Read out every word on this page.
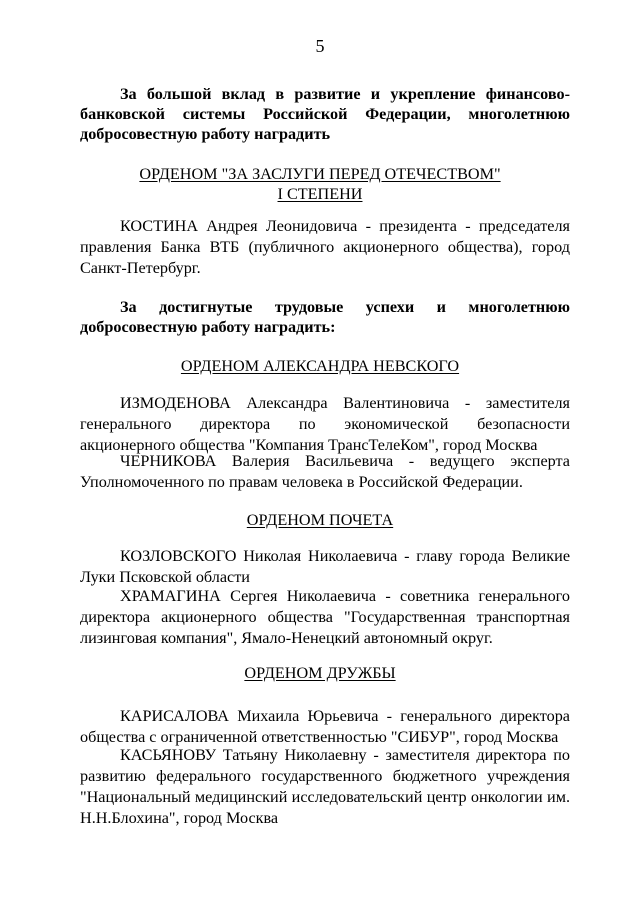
5
За большой вклад в развитие и укрепление финансово-банковской системы Российской Федерации, многолетнюю добросовестную работу наградить
ОРДЕНОМ "ЗА ЗАСЛУГИ ПЕРЕД ОТЕЧЕСТВОМ"
I СТЕПЕНИ
КОСТИНА Андрея Леонидовича - президента - председателя правления Банка ВТБ (публичного акционерного общества), город Санкт-Петербург.
За достигнутые трудовые успехи и многолетнюю добросовестную работу наградить:
ОРДЕНОМ АЛЕКСАНДРА НЕВСКОГО
ИЗМОДЕНОВА Александра Валентиновича - заместителя генерального директора по экономической безопасности акционерного общества "Компания ТрансТелеКом", город Москва
ЧЕРНИКОВА Валерия Васильевича - ведущего эксперта Уполномоченного по правам человека в Российской Федерации.
ОРДЕНОМ ПОЧЕТА
КОЗЛОВСКОГО Николая Николаевича - главу города Великие Луки Псковской области
ХРАМАГИНА Сергея Николаевича - советника генерального директора акционерного общества "Государственная транспортная лизинговая компания", Ямало-Ненецкий автономный округ.
ОРДЕНОМ ДРУЖБЫ
КАРИСАЛОВА Михаила Юрьевича - генерального директора общества с ограниченной ответственностью "СИБУР", город Москва
КАСЬЯНОВУ Татьяну Николаевну - заместителя директора по развитию федерального государственного бюджетного учреждения "Национальный медицинский исследовательский центр онкологии им. Н.Н.Блохина", город Москва
